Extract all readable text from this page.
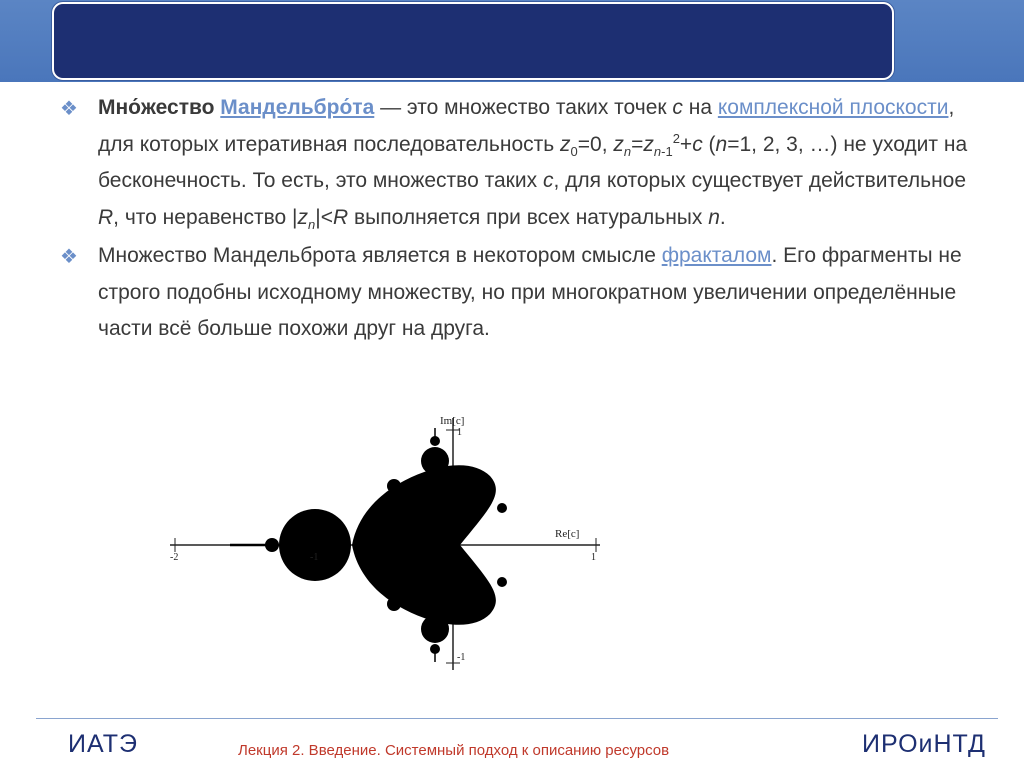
❖ Мно́жество Мандельбро́та — это множество таких точек c на комплексной плоскости, для которых итеративная последовательность $z_0=0$, $z_n=z_{n-1}^2+c$ (n=1, 2, 3, …) не уходит на бесконечность. То есть, это множество таких c, для которых существует действительное R, что неравенство $|z_n|<R$ выполняется при всех натуральных n.
❖ Множество Мандельброта является в некотором смысле фракталом. Его фрагменты не строго подобны исходному множеству, но при многократном увеличении определённые части всё больше похожи друг на друга.
Im[c]
Re[c]
1
-1
-2	-1	1
ИАТЭ	Лекция 2. Введение. Системный подход к описанию ресурсов	ИРОиНТД
